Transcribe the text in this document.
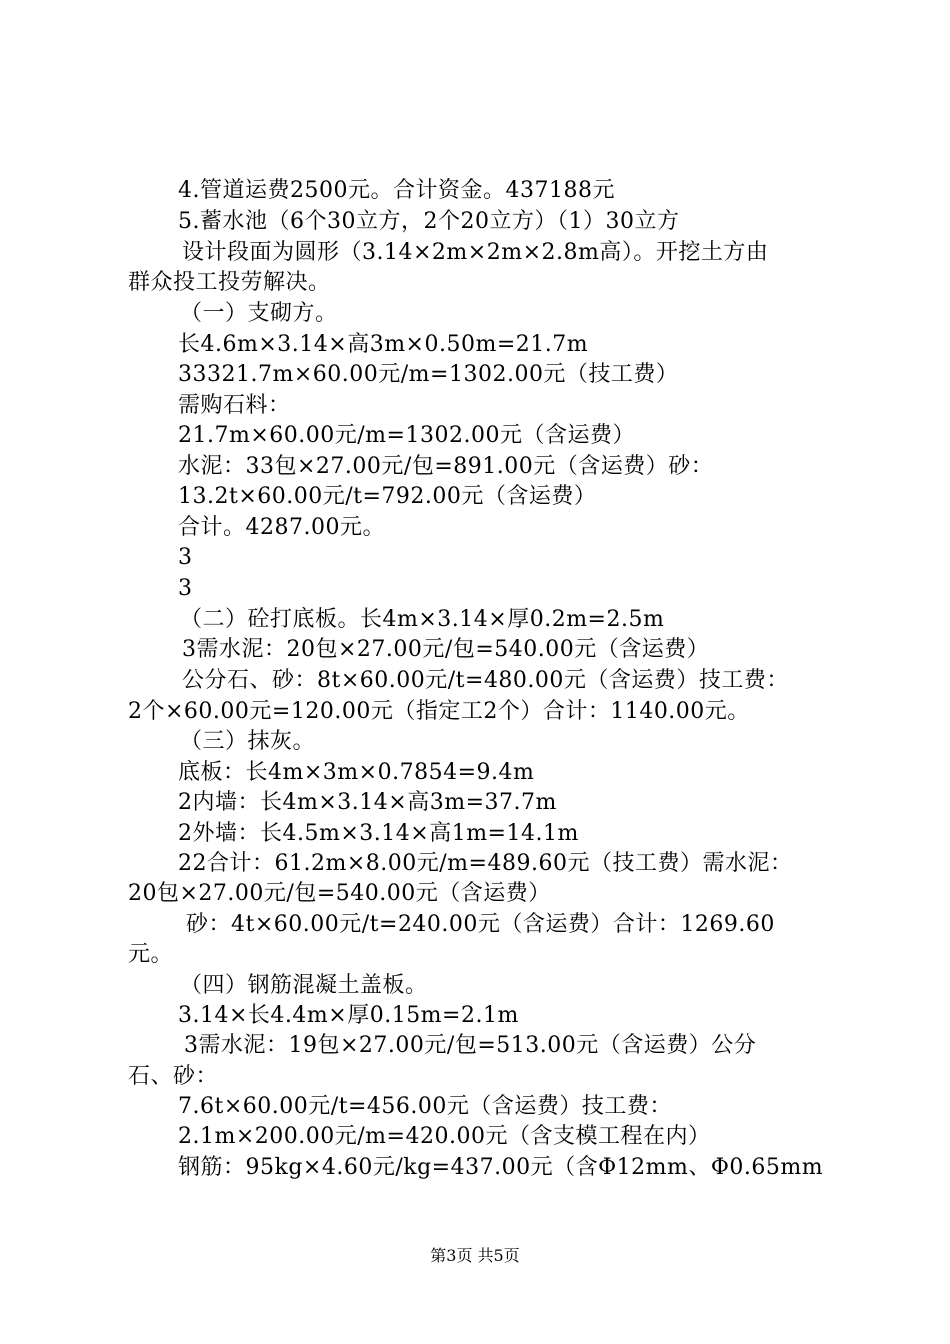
4.管道运费2500元。合计资金。437188元
5.蓄水池（6个30立方，2个20立方）（1）30立方
设计段面为圆形（3.14×2m×2m×2.8m高）。开挖土方由
群众投工投劳解决。
（一）支砌方。
长4.6m×3.14×高3m×0.50m=21.7m
33321.7m×60.00元/m=1302.00元（技工费）
需购石料：
21.7m×60.00元/m=1302.00元（含运费）
水泥：33包×27.00元/包=891.00元（含运费）砂：
13.2t×60.00元/t=792.00元（含运费）
合计。4287.00元。
3
3
（二）砼打底板。长4m×3.14×厚0.2m=2.5m
3需水泥：20包×27.00元/包=540.00元（含运费）
公分石、砂：8t×60.00元/t=480.00元（含运费）技工费：
2个×60.00元=120.00元（指定工2个）合计：1140.00元。
（三）抹灰。
底板：长4m×3m×0.7854=9.4m
2内墙：长4m×3.14×高3m=37.7m
2外墙：长4.5m×3.14×高1m=14.1m
22合计：61.2m×8.00元/m=489.60元（技工费）需水泥：
20包×27.00元/包=540.00元（含运费）
砂：4t×60.00元/t=240.00元（含运费）合计：1269.60
元。
（四）钢筋混凝土盖板。
3.14×长4.4m×厚0.15m=2.1m
3需水泥：19包×27.00元/包=513.00元（含运费）公分
石、砂：
7.6t×60.00元/t=456.00元（含运费）技工费：
2.1m×200.00元/m=420.00元（含支模工程在内）
钢筋：95kg×4.60元/kg=437.00元（含Φ12mm、Φ0.65mm
第3页 共5页
